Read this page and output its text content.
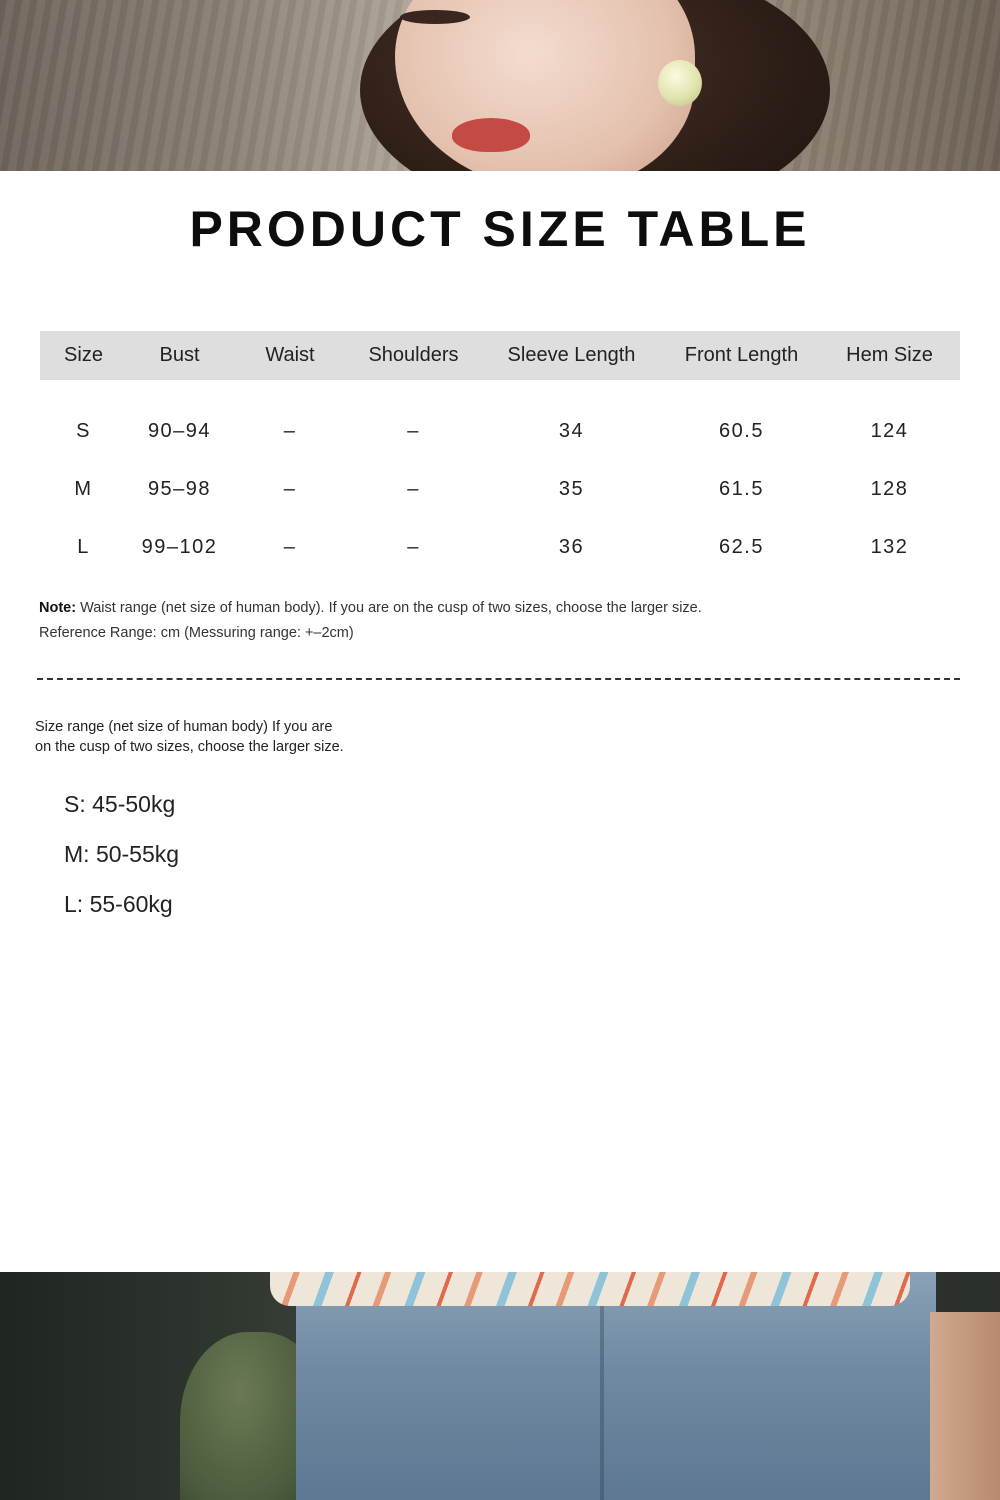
PRODUCT SIZE TABLE
Size	Bust	Waist	Shoulders	Sleeve Length	Front Length	Hem Size
S	90–94	–	–	34	60.5	124
M	95–98	–	–	35	61.5	128
L	99–102	–	–	36	62.5	132
Note: Waist range (net size of human body). If you are on the cusp of two sizes, choose the larger size.
Reference Range: cm (Messuring range: +–2cm)
Size range (net size of human body) If you are
on the cusp of two sizes, choose the larger size.
S: 45-50kg
M: 50-55kg
L: 55-60kg
